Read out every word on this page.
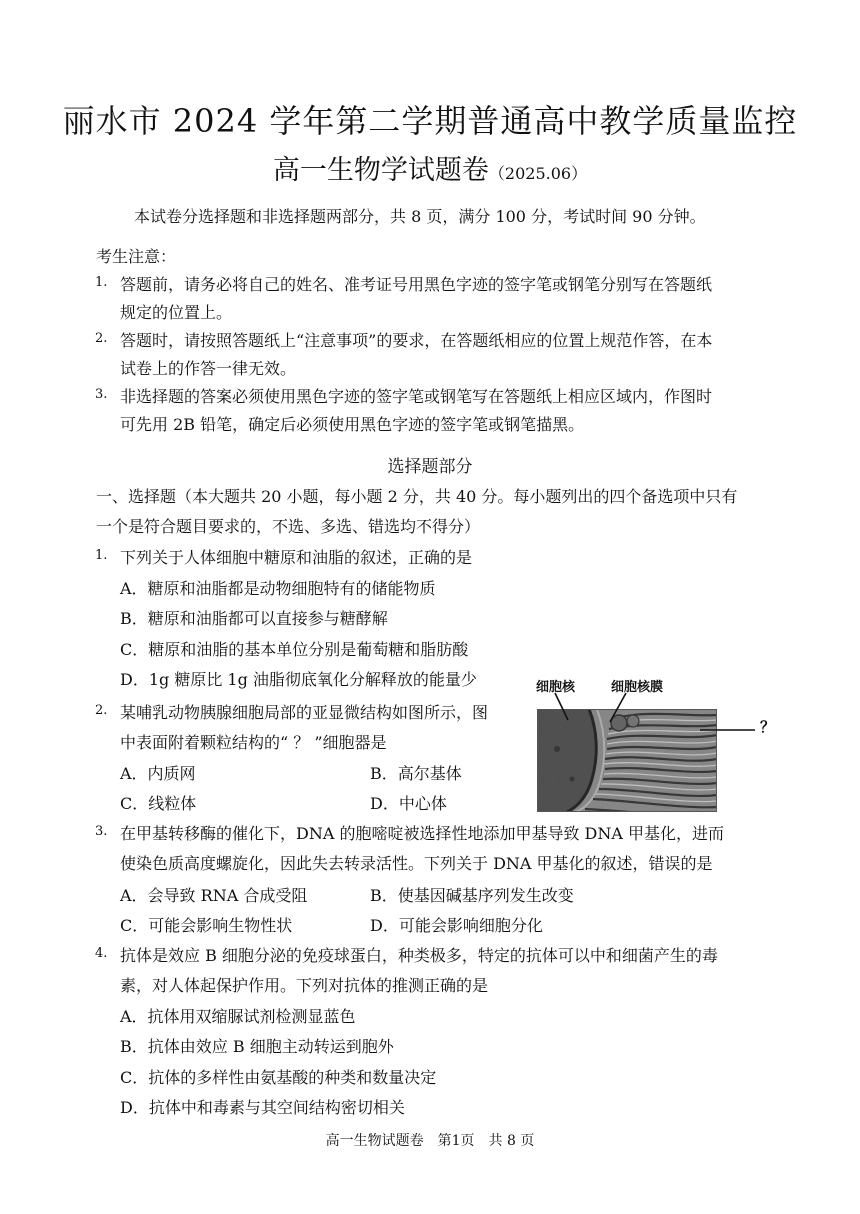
丽水市 2024 学年第二学期普通高中教学质量监控
高一生物学试题卷（2025.06）
本试卷分选择题和非选择题两部分，共 8 页，满分 100 分，考试时间 90 分钟。
考生注意：
1. 答题前，请务必将自己的姓名、准考证号用黑色字迹的签字笔或钢笔分别写在答题纸
规定的位置上。
2. 答题时，请按照答题纸上“注意事项”的要求，在答题纸相应的位置上规范作答，在本
试卷上的作答一律无效。
3. 非选择题的答案必须使用黑色字迹的签字笔或钢笔写在答题纸上相应区域内，作图时
可先用 2B 铅笔，确定后必须使用黑色字迹的签字笔或钢笔描黑。
选择题部分
一、选择题（本大题共 20 小题，每小题 2 分，共 40 分。每小题列出的四个备选项中只有
一个是符合题目要求的，不选、多选、错选均不得分）
1. 下列关于人体细胞中糖原和油脂的叙述，正确的是
A．糖原和油脂都是动物细胞特有的储能物质
B．糖原和油脂都可以直接参与糖酵解
C．糖原和油脂的基本单位分别是葡萄糖和脂肪酸
D．1g 糖原比 1g 油脂彻底氧化分解释放的能量少
2. 某哺乳动物胰腺细胞局部的亚显微结构如图所示，图
中表面附着颗粒结构的“ ？ ”细胞器是
A．内质网	B．高尔基体
C．线粒体	D．中心体
细胞核	细胞核膜
？
3. 在甲基转移酶的催化下，DNA 的胞嘧啶被选择性地添加甲基导致 DNA 甲基化，进而
使染色质高度螺旋化，因此失去转录活性。下列关于 DNA 甲基化的叙述，错误的是
A．会导致 RNA 合成受阻	B．使基因碱基序列发生改变
C．可能会影响生物性状	D．可能会影响细胞分化
4. 抗体是效应 B 细胞分泌的免疫球蛋白，种类极多，特定的抗体可以中和细菌产生的毒
素，对人体起保护作用。下列对抗体的推测正确的是
A．抗体用双缩脲试剂检测显蓝色
B．抗体由效应 B 细胞主动转运到胞外
C．抗体的多样性由氨基酸的种类和数量决定
D．抗体中和毒素与其空间结构密切相关
高一生物试题卷　第1页　共 8 页
